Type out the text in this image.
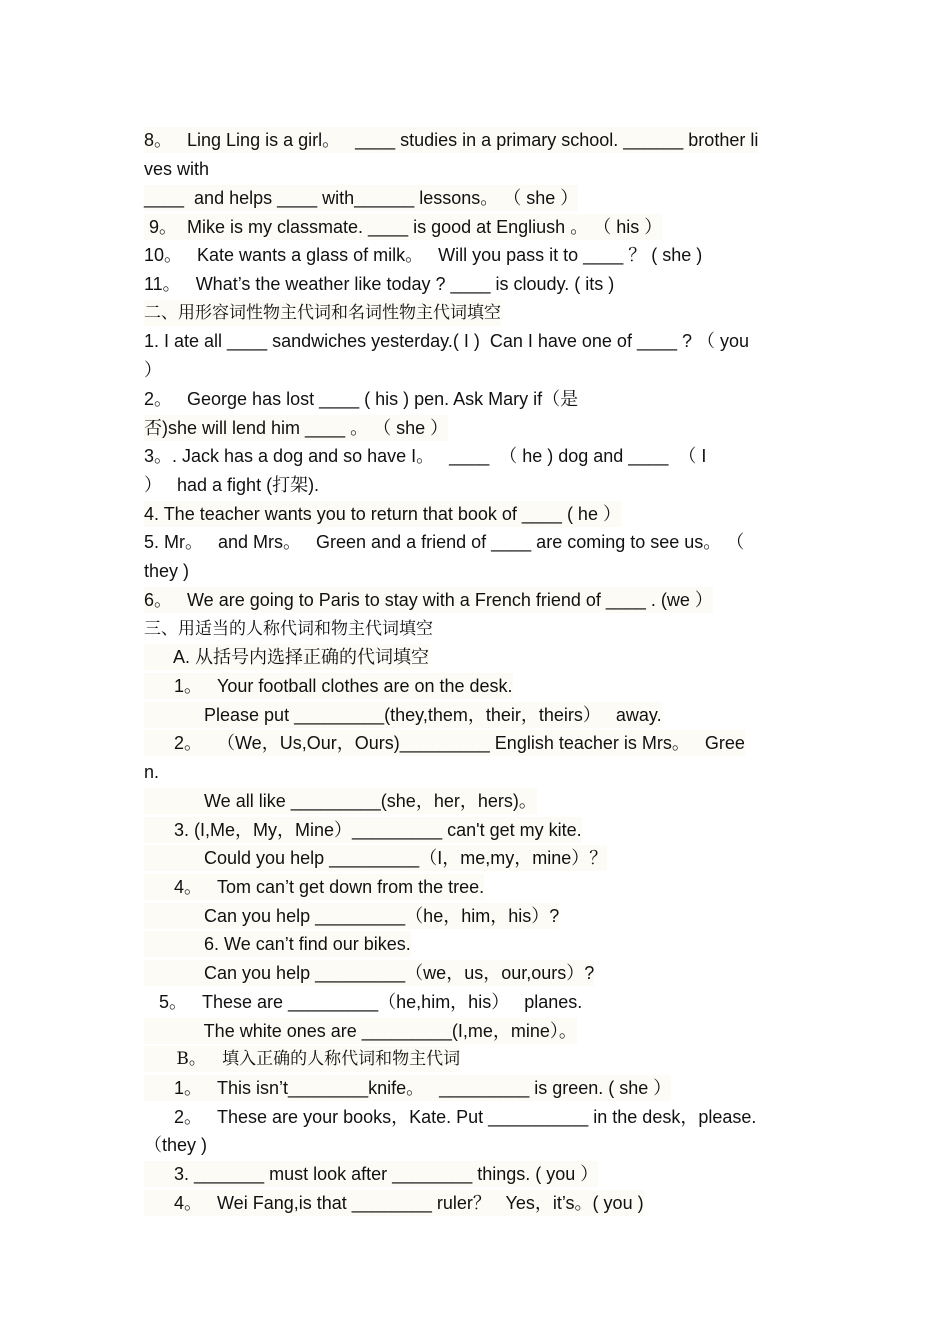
8。   Ling Ling is a girl。   ____ studies in a primary school. ______ brother li
ves with
____  and helps ____ with______ lessons。 （ she ）
9。  Mike is my classmate. ____ is good at Engliush 。 （ his ）
10。   Kate wants a glass of milk。   Will you pass it to ____ ？ ( she )
11。   What’s the weather like today ? ____ is cloudy. ( its )
二、用形容词性物主代词和名词性物主代词填空
1. I ate all ____ sandwiches yesterday.( I )  Can I have one of ____ ? （ you
）
2。   George has lost ____ ( his ) pen. Ask Mary if（是
否)she will lend him ____ 。 （ she ）
3。. Jack has a dog and so have I。   ____  （ he ) dog and ____  （ I
）   had a fight (打架).
4. The teacher wants you to return that book of ____ ( he ）
5. Mr。   and Mrs。   Green and a friend of ____ are coming to see us。 （
they )
6。   We are going to Paris to stay with a French friend of ____ . (we ）
三、用适当的人称代词和物主代词填空
A. 从括号内选择正确的代词填空
1。   Your football clothes are on the desk.
Please put _________(they,them，their，theirs）   away.
2。   （We，Us,Our，Ours)_________ English teacher is Mrs。   Gree
n.
We all like _________(she，her，hers)。
3. (I,Me，My，Mine）_________ can't get my kite.
Could you help _________（I，me,my，mine）？
4。   Tom can’t get down from the tree.
Can you help _________（he，him，his）?
6. We can’t find our bikes.
Can you help _________（we，us，our,ours）?
5。   These are _________（he,him，his）   planes.
The white ones are _________(I,me，mine）。
B。   填入正确的人称代词和物主代词
1。   This isn’t________knife。   _________ is green. ( she ）
2。   These are your books，Kate. Put __________ in the desk，please.
（they )
3. _______ must look after ________ things. ( you ）
4。   Wei Fang,is that ________ ruler？   Yes，it’s。( you )
